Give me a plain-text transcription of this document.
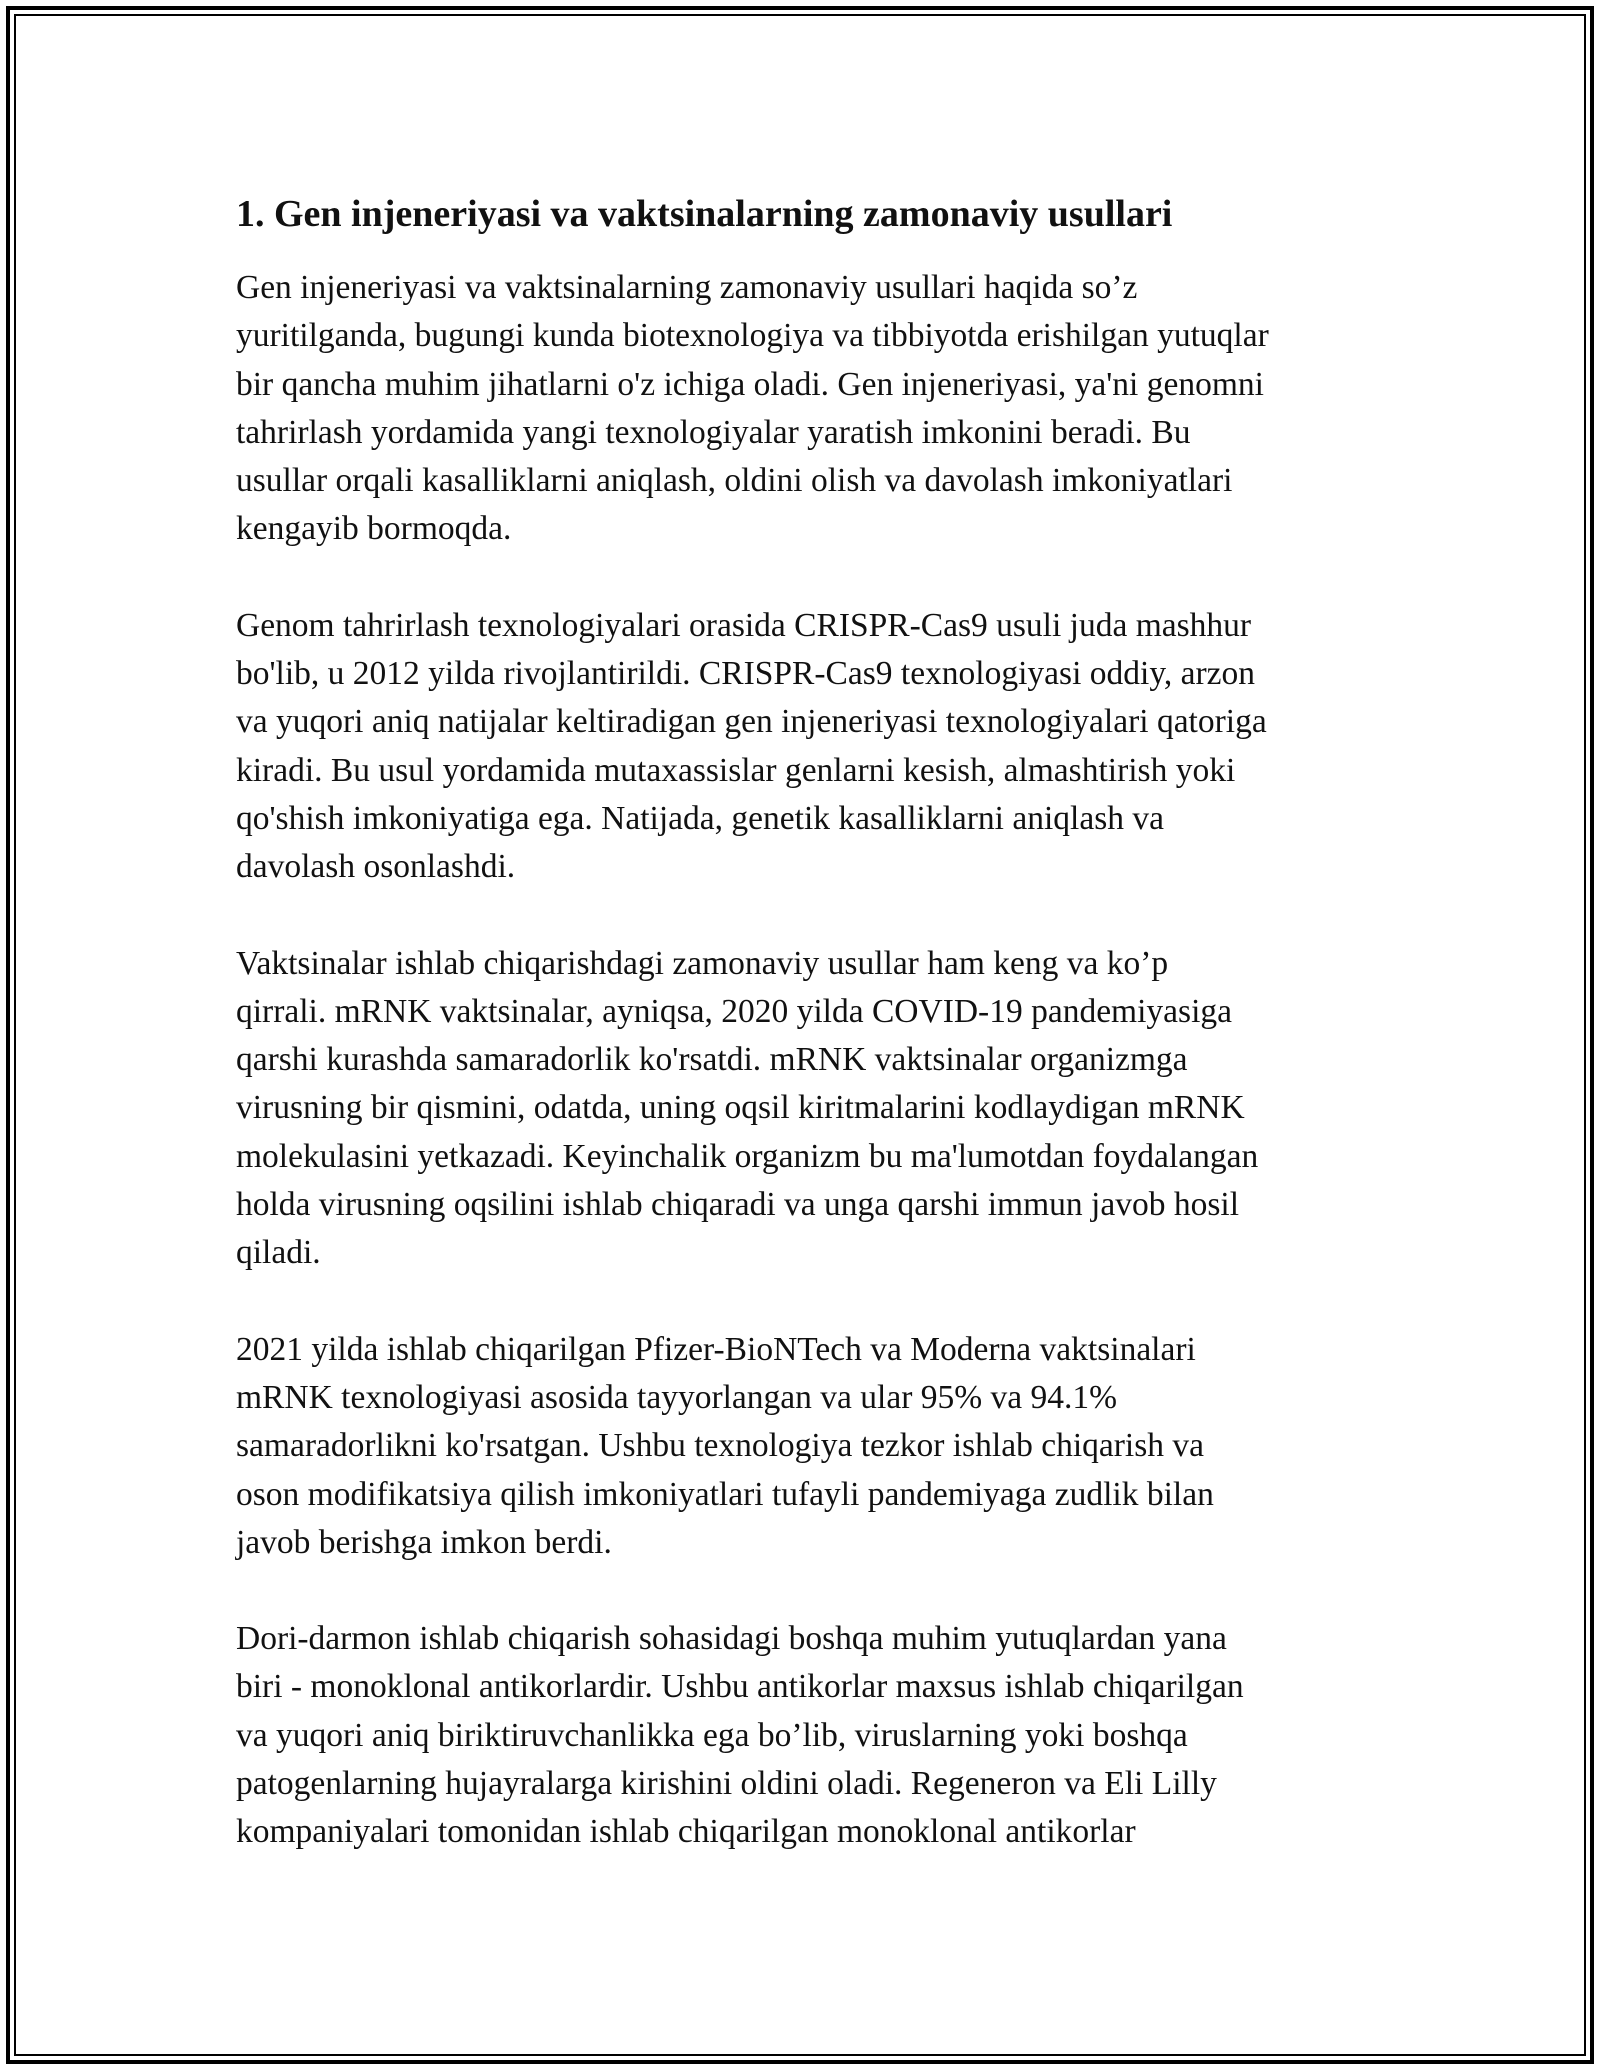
1. Gen injeneriyasi va vaktsinalarning zamonaviy usullari

Gen injeneriyasi va vaktsinalarning zamonaviy usullari haqida so’z
yuritilganda, bugungi kunda biotexnologiya va tibbiyotda erishilgan yutuqlar
bir qancha muhim jihatlarni o'z ichiga oladi. Gen injeneriyasi, ya'ni genomni
tahrirlash yordamida yangi texnologiyalar yaratish imkonini beradi. Bu
usullar orqali kasalliklarni aniqlash, oldini olish va davolash imkoniyatlari
kengayib bormoqda.

Genom tahrirlash texnologiyalari orasida CRISPR-Cas9 usuli juda mashhur
bo'lib, u 2012 yilda rivojlantirildi. CRISPR-Cas9 texnologiyasi oddiy, arzon
va yuqori aniq natijalar keltiradigan gen injeneriyasi texnologiyalari qatoriga
kiradi. Bu usul yordamida mutaxassislar genlarni kesish, almashtirish yoki
qo'shish imkoniyatiga ega. Natijada, genetik kasalliklarni aniqlash va
davolash osonlashdi.

Vaktsinalar ishlab chiqarishdagi zamonaviy usullar ham keng va ko’p
qirrali. mRNK vaktsinalar, ayniqsa, 2020 yilda COVID-19 pandemiyasiga
qarshi kurashda samaradorlik ko'rsatdi. mRNK vaktsinalar organizmga
virusning bir qismini, odatda, uning oqsil kiritmalarini kodlaydigan mRNK
molekulasini yetkazadi. Keyinchalik organizm bu ma'lumotdan foydalangan
holda virusning oqsilini ishlab chiqaradi va unga qarshi immun javob hosil
qiladi.

2021 yilda ishlab chiqarilgan Pfizer-BioNTech va Moderna vaktsinalari
mRNK texnologiyasi asosida tayyorlangan va ular 95% va 94.1%
samaradorlikni ko'rsatgan. Ushbu texnologiya tezkor ishlab chiqarish va
oson modifikatsiya qilish imkoniyatlari tufayli pandemiyaga zudlik bilan
javob berishga imkon berdi.

Dori-darmon ishlab chiqarish sohasidagi boshqa muhim yutuqlardan yana
biri - monoklonal antikorlardir. Ushbu antikorlar maxsus ishlab chiqarilgan
va yuqori aniq biriktiruvchanlikka ega bo’lib, viruslarning yoki boshqa
patogenlarning hujayralarga kirishini oldini oladi. Regeneron va Eli Lilly
kompaniyalari tomonidan ishlab chiqarilgan monoklonal antikorlar
